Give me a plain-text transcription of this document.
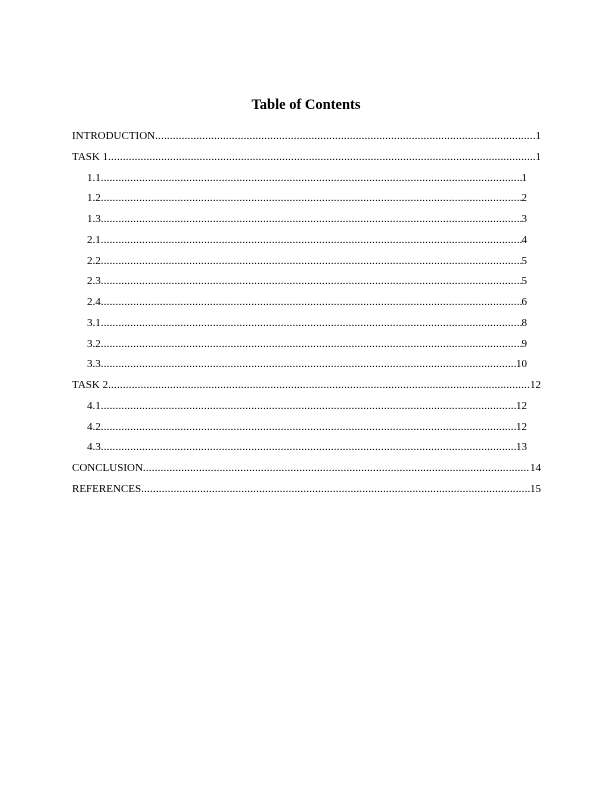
Table of Contents
INTRODUCTION .....	1
TASK 1 .....	1
1.1 .....	1
1.2 .....	2
1.3 .....	3
2.1 .....	4
2.2 .....	5
2.3 .....	5
2.4 .....	6
3.1 .....	8
3.2 .....	9
3.3 .....	10
TASK 2 .....	12
4.1 .....	12
4.2 .....	12
4.3 .....	13
CONCLUSION .....	14
REFERENCES .....	15
